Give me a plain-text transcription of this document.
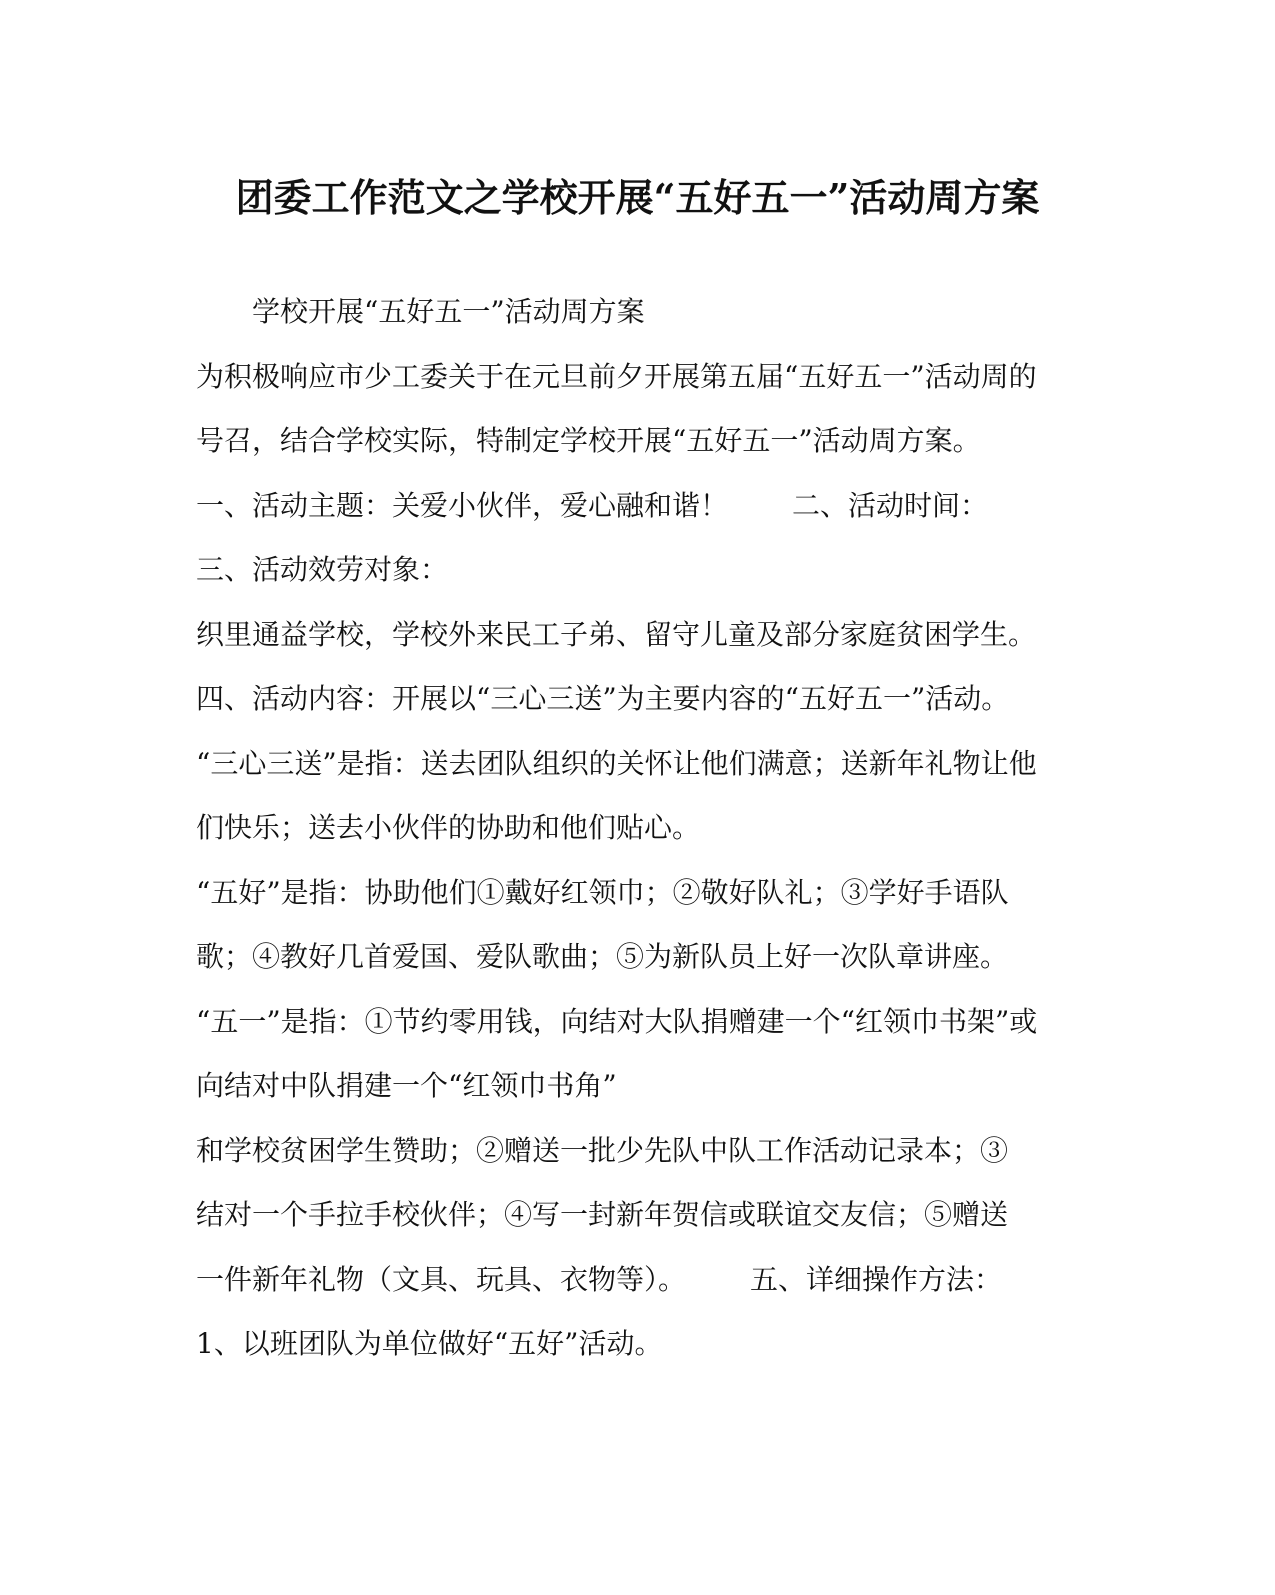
团委工作范文之学校开展“五好五一”活动周方案
学校开展“五好五一”活动周方案
为积极响应市少工委关于在元旦前夕开展第五届“五好五一”活动周的
号召，结合学校实际，特制定学校开展“五好五一”活动周方案。
一、活动主题：关爱小伙伴，爱心融和谐！ 二、活动时间：
三、活动效劳对象：
织里通益学校，学校外来民工子弟、留守儿童及部分家庭贫困学生。
四、活动内容：开展以“三心三送”为主要内容的“五好五一”活动。
“三心三送”是指：送去团队组织的关怀让他们满意；送新年礼物让他
们快乐；送去小伙伴的协助和他们贴心。
“五好”是指：协助他们①戴好红领巾；②敬好队礼；③学好手语队
歌；④教好几首爱国、爱队歌曲；⑤为新队员上好一次队章讲座。
“五一”是指：①节约零用钱，向结对大队捐赠建一个“红领巾书架”或
向结对中队捐建一个“红领巾书角”
和学校贫困学生赞助；②赠送一批少先队中队工作活动记录本；③
结对一个手拉手校伙伴；④写一封新年贺信或联谊交友信；⑤赠送
一件新年礼物（文具、玩具、衣物等）。 五、详细操作方法：
1、以班团队为单位做好“五好”活动。
